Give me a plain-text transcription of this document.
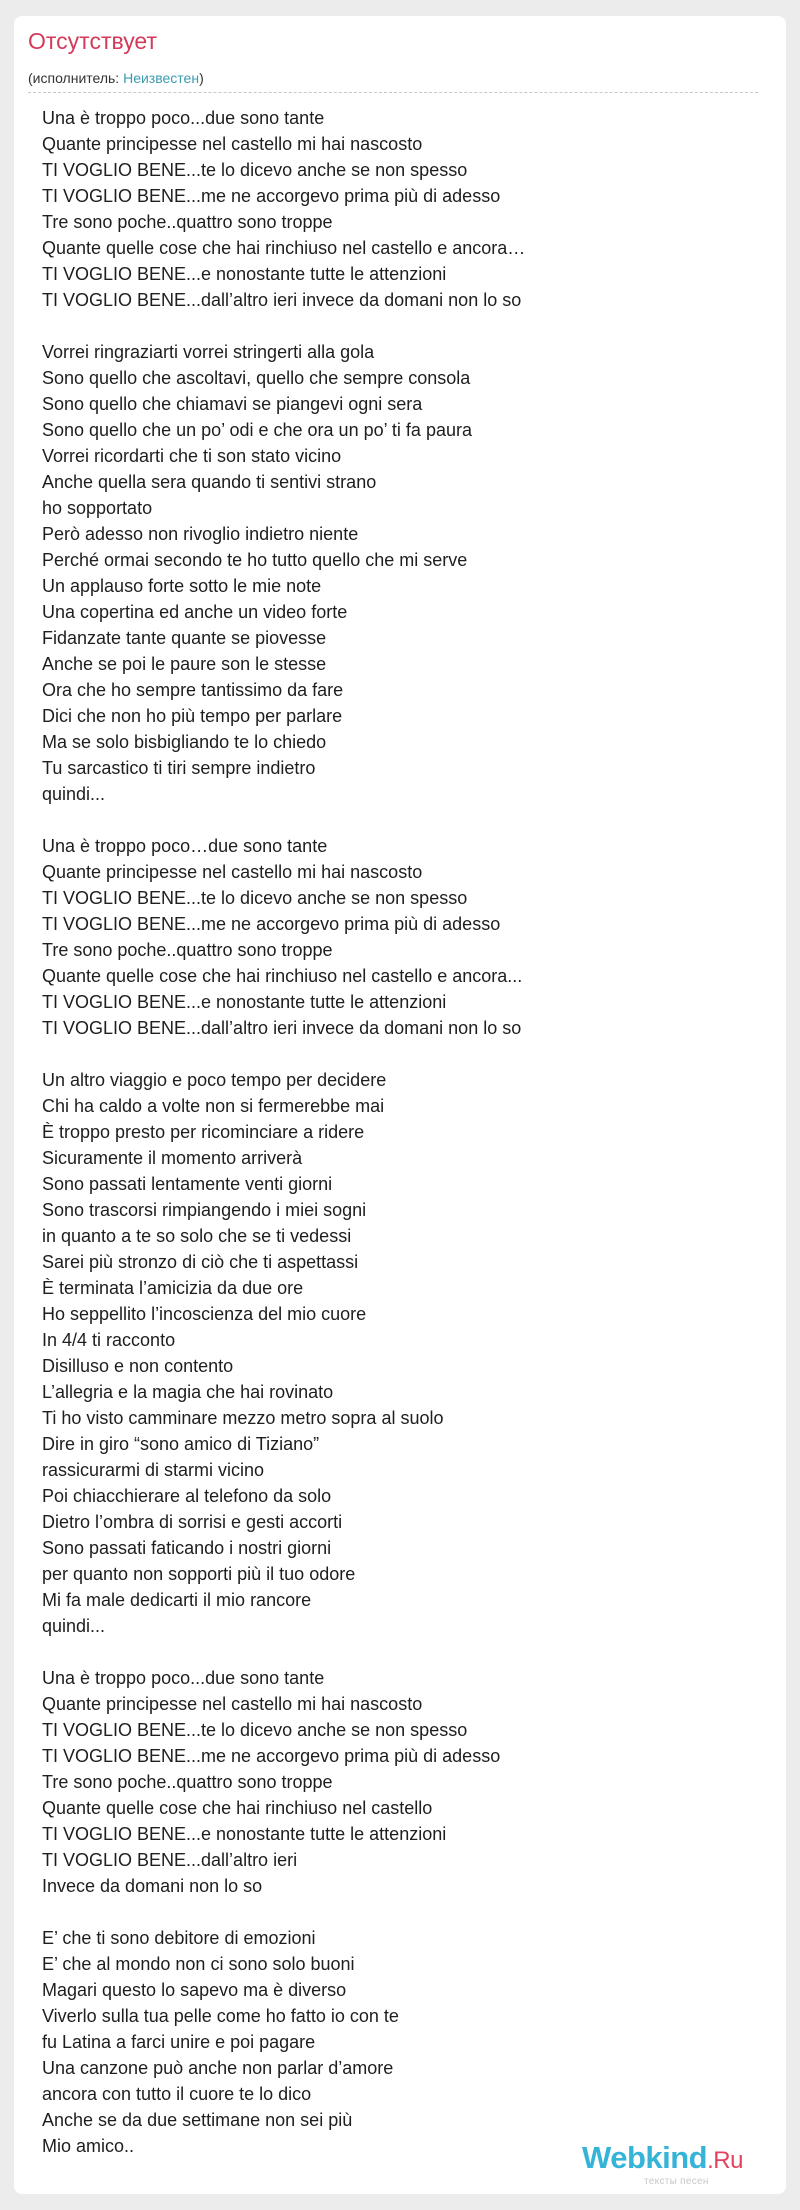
Отсутствует
(исполнитель: Неизвестен)
Una è troppo poco...due sono tante
Quante principesse nel castello mi hai nascosto
TI VOGLIO BENE...te lo dicevo anche se non spesso
TI VOGLIO BENE...me ne accorgevo prima più di adesso
Tre sono poche..quattro sono troppe
Quante quelle cose che hai rinchiuso nel castello e ancora…
TI VOGLIO BENE...e nonostante tutte le attenzioni
TI VOGLIO BENE...dall’altro ieri invece da domani non lo so
Vorrei ringraziarti vorrei stringerti alla gola
Sono quello che ascoltavi, quello che sempre consola
Sono quello che chiamavi se piangevi ogni sera
Sono quello che un po’ odi e che ora un po’ ti fa paura
Vorrei ricordarti che ti son stato vicino
Anche quella sera quando ti sentivi strano
ho sopportato
Però adesso non rivoglio indietro niente
Perché ormai secondo te ho tutto quello che mi serve
Un applauso forte sotto le mie note
Una copertina ed anche un video forte
Fidanzate tante quante se piovesse
Anche se poi le paure son le stesse
Ora che ho sempre tantissimo da fare
Dici che non ho più tempo per parlare
Ma se solo bisbigliando te lo chiedo
Tu sarcastico ti tiri sempre indietro
quindi...
Una è troppo poco…due sono tante
Quante principesse nel castello mi hai nascosto
TI VOGLIO BENE...te lo dicevo anche se non spesso
TI VOGLIO BENE...me ne accorgevo prima più di adesso
Tre sono poche..quattro sono troppe
Quante quelle cose che hai rinchiuso nel castello e ancora...
TI VOGLIO BENE...e nonostante tutte le attenzioni
TI VOGLIO BENE...dall’altro ieri invece da domani non lo so
Un altro viaggio e poco tempo per decidere
Chi ha caldo a volte non si fermerebbe mai
È troppo presto per ricominciare a ridere
Sicuramente il momento arriverà
Sono passati lentamente venti giorni
Sono trascorsi rimpiangendo i miei sogni
in quanto a te so solo che se ti vedessi
Sarei più stronzo di ciò che ti aspettassi
È terminata l’amicizia da due ore
Ho seppellito l’incoscienza del mio cuore
In 4/4 ti racconto
Disilluso e non contento
L’allegria e la magia che hai rovinato
Ti ho visto camminare mezzo metro sopra al suolo
Dire in giro “sono amico di Tiziano”
rassicurarmi di starmi vicino
Poi chiacchierare al telefono da solo
Dietro l’ombra di sorrisi e gesti accorti
Sono passati faticando i nostri giorni
per quanto non sopporti più il tuo odore
Mi fa male dedicarti il mio rancore
quindi...
Una è troppo poco...due sono tante
Quante principesse nel castello mi hai nascosto
TI VOGLIO BENE...te lo dicevo anche se non spesso
TI VOGLIO BENE...me ne accorgevo prima più di adesso
Tre sono poche..quattro sono troppe
Quante quelle cose che hai rinchiuso nel castello
TI VOGLIO BENE...e nonostante tutte le attenzioni
TI VOGLIO BENE...dall’altro ieri
Invece da domani non lo so
E’ che ti sono debitore di emozioni
E’ che al mondo non ci sono solo buoni
Magari questo lo sapevo ma è diverso
Viverlo sulla tua pelle come ho fatto io con te
fu Latina a farci unire e poi pagare
Una canzone può anche non parlar d’amore
ancora con tutto il cuore te lo dico
Anche se da due settimane non sei più
Mio amico..	Webkind.Ru
тексты песен
